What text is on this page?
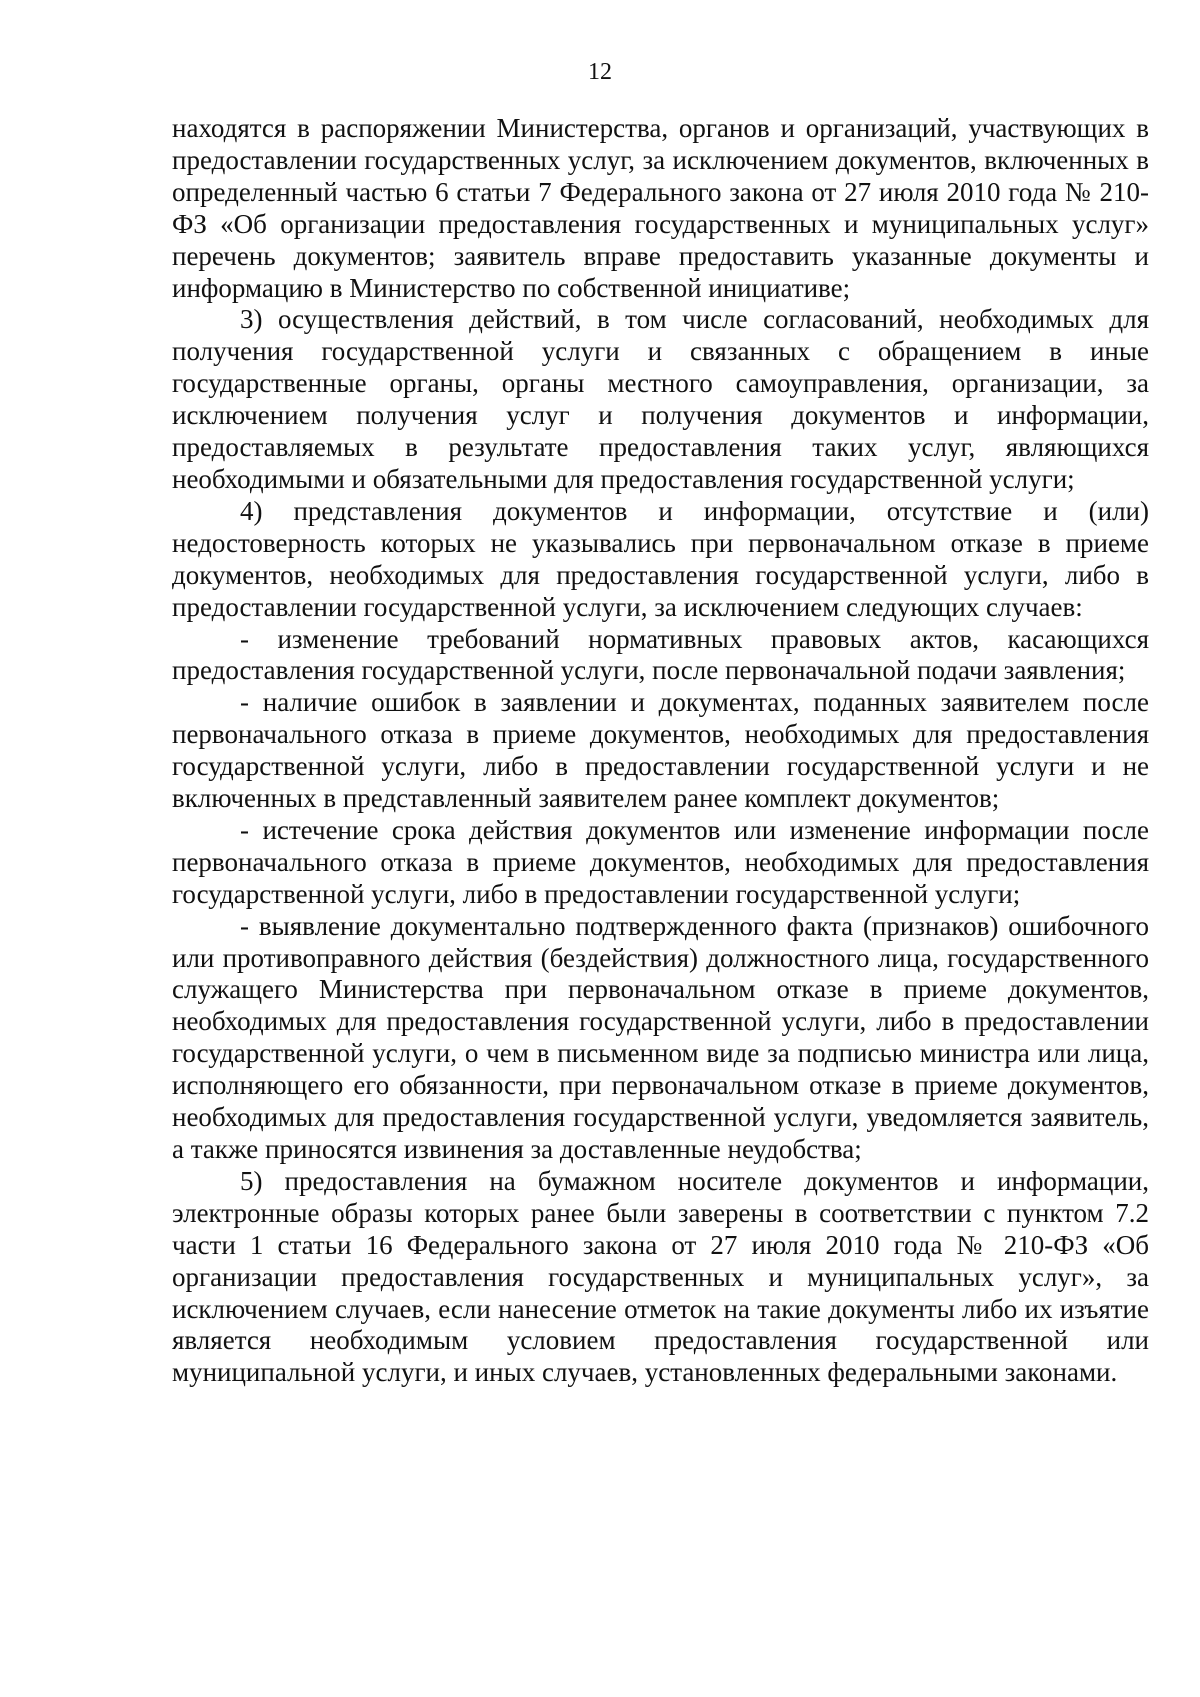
12

находятся в распоряжении Министерства, органов и организаций, участвующих в предоставлении государственных услуг, за исключением документов, включенных в определенный частью 6 статьи 7 Федерального закона от 27 июля 2010 года № 210-ФЗ «Об организации предоставления государственных и муниципальных услуг» перечень документов; заявитель вправе предоставить указанные документы и информацию в Министерство по собственной инициативе;

3) осуществления действий, в том числе согласований, необходимых для получения государственной услуги и связанных с обращением в иные государственные органы, органы местного самоуправления, организации, за исключением получения услуг и получения документов и информации, предоставляемых в результате предоставления таких услуг, являющихся необходимыми и обязательными для предоставления государственной услуги;

4) представления документов и информации, отсутствие и (или) недостоверность которых не указывались при первоначальном отказе в приеме документов, необходимых для предоставления государственной услуги, либо в предоставлении государственной услуги, за исключением следующих случаев:

- изменение требований нормативных правовых актов, касающихся предоставления государственной услуги, после первоначальной подачи заявления;

- наличие ошибок в заявлении и документах, поданных заявителем после первоначального отказа в приеме документов, необходимых для предоставления государственной услуги, либо в предоставлении государственной услуги и не включенных в представленный заявителем ранее комплект документов;

- истечение срока действия документов или изменение информации после первоначального отказа в приеме документов, необходимых для предоставления государственной услуги, либо в предоставлении государственной услуги;

- выявление документально подтвержденного факта (признаков) ошибочного или противоправного действия (бездействия) должностного лица, государственного служащего Министерства при первоначальном отказе в приеме документов, необходимых для предоставления государственной услуги, либо в предоставлении государственной услуги, о чем в письменном виде за подписью министра или лица, исполняющего его обязанности, при первоначальном отказе в приеме документов, необходимых для предоставления государственной услуги, уведомляется заявитель, а также приносятся извинения за доставленные неудобства;

5) предоставления на бумажном носителе документов и информации, электронные образы которых ранее были заверены в соответствии с пунктом 7.2 части 1 статьи 16 Федерального закона от 27 июля 2010 года № 210-ФЗ «Об организации предоставления государственных и муниципальных услуг», за исключением случаев, если нанесение отметок на такие документы либо их изъятие является необходимым условием предоставления государственной или муниципальной услуги, и иных случаев, установленных федеральными законами.
